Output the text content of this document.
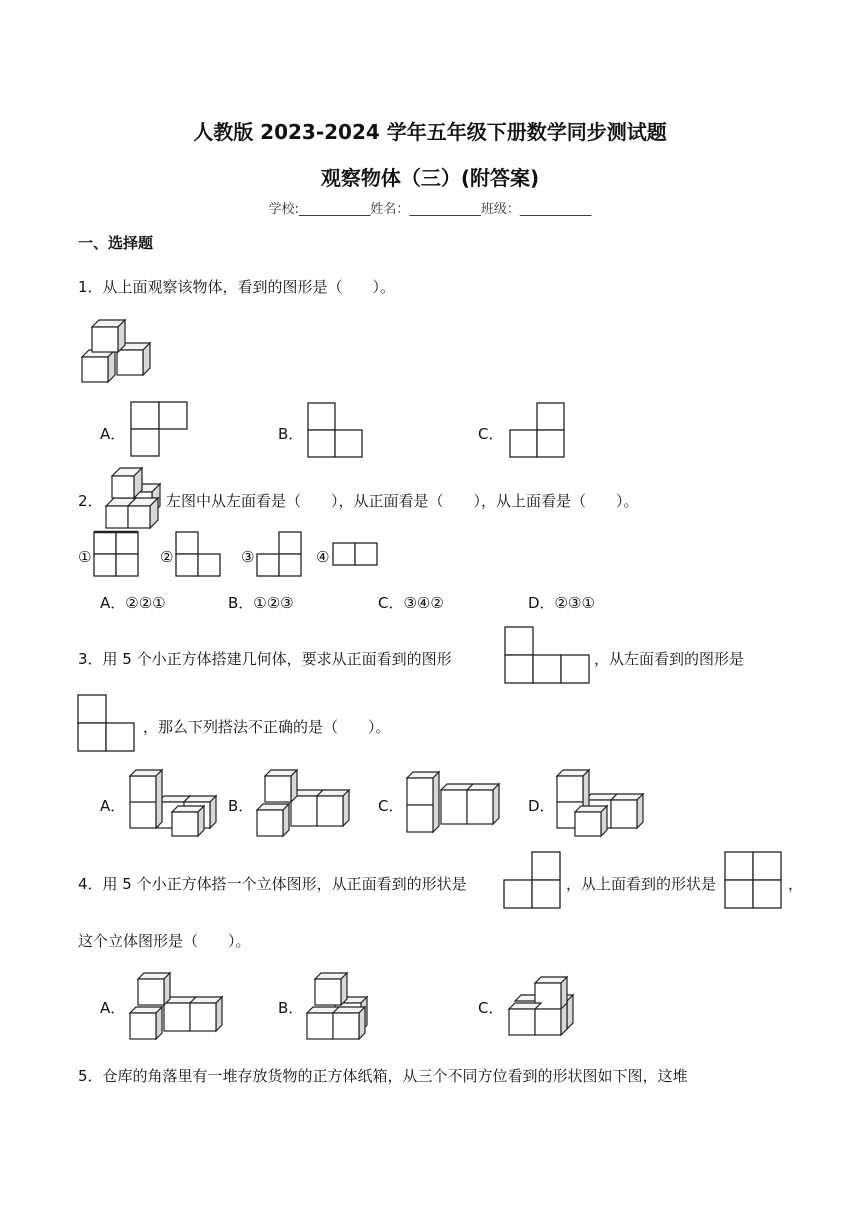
人教版 2023-2024 学年五年级下册数学同步测试题
观察物体（三）(附答案)
学校:___________姓名：___________班级：___________
一、选择题
1．从上面观察该物体，看到的图形是（　　）。
A．	B．	C．
2．	左图中从左面看是（　　），从正面看是（　　），从上面看是（　　）。
①	②	③	④
A．②②①	B．①②③	C．③④②	D．②③①
3．用 5 个小正方体搭建几何体，要求从正面看到的图形	，从左面看到的图形是
，那么下列搭法不正确的是（　　）。
A．	B．	C．	D．
4．用 5 个小正方体搭一个立体图形，从正面看到的形状是	，从上面看到的形状是	，
这个立体图形是（　　）。
A．	B．	C．
5．仓库的角落里有一堆存放货物的正方体纸箱，从三个不同方位看到的形状图如下图，这堆
